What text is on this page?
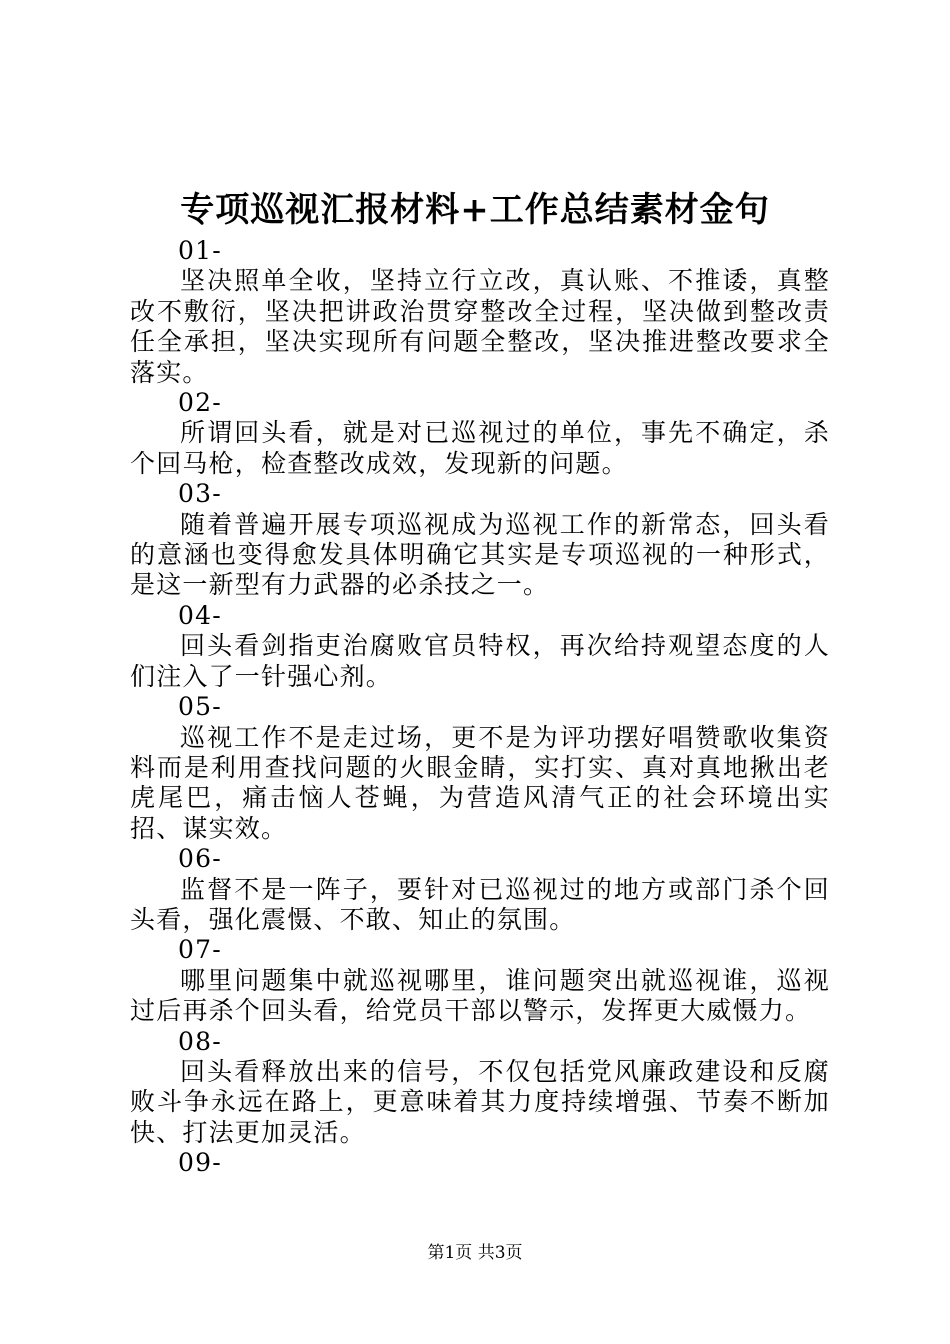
专项巡视汇报材料+工作总结素材金句

01-

坚决照单全收，坚持立行立改，真认账、不推诿，真整改不敷衍，坚决把讲政治贯穿整改全过程，坚决做到整改责任全承担，坚决实现所有问题全整改，坚决推进整改要求全落实。

02-

所谓回头看，就是对已巡视过的单位，事先不确定，杀个回马枪，检查整改成效，发现新的问题。

03-

随着普遍开展专项巡视成为巡视工作的新常态，回头看的意涵也变得愈发具体明确它其实是专项巡视的一种形式，是这一新型有力武器的必杀技之一。

04-

回头看剑指吏治腐败官员特权，再次给持观望态度的人们注入了一针强心剂。

05-

巡视工作不是走过场，更不是为评功摆好唱赞歌收集资料而是利用查找问题的火眼金睛，实打实、真对真地揪出老虎尾巴，痛击恼人苍蝇，为营造风清气正的社会环境出实招、谋实效。

06-

监督不是一阵子，要针对已巡视过的地方或部门杀个回头看，强化震慑、不敢、知止的氛围。

07-

哪里问题集中就巡视哪里，谁问题突出就巡视谁，巡视过后再杀个回头看，给党员干部以警示，发挥更大威慑力。

08-

回头看释放出来的信号，不仅包括党风廉政建设和反腐败斗争永远在路上，更意味着其力度持续增强、节奏不断加快、打法更加灵活。

09-

第1页 共3页
